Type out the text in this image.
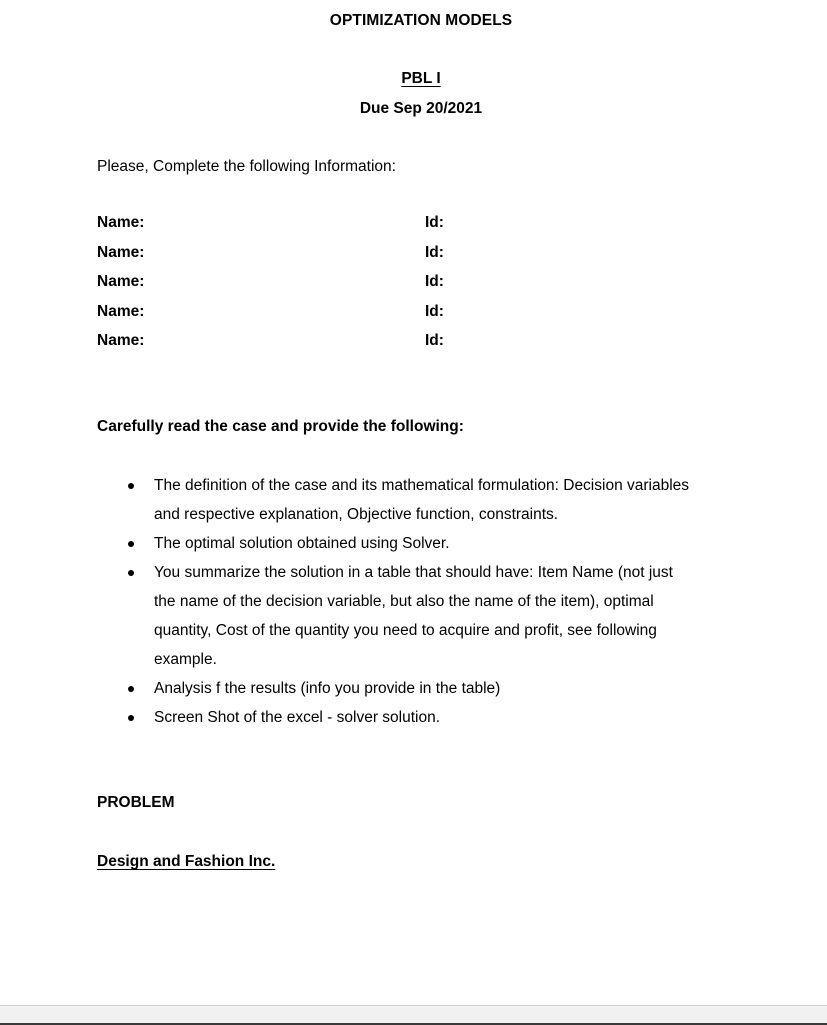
OPTIMIZATION MODELS
PBL I
Due Sep 20/2021
Please, Complete the following Information:
Name:	Id:
Name:	Id:
Name:	Id:
Name:	Id:
Name:	Id:
Carefully read the case and provide the following:
The definition of the case and its mathematical formulation: Decision variables
and respective explanation, Objective function, constraints.
The optimal solution obtained using Solver.
You summarize the solution in a table that should have: Item Name (not just
the name of the decision variable, but also the name of the item), optimal
quantity, Cost of the quantity you need to acquire and profit, see following
example.
Analysis f the results (info you provide in the table)
Screen Shot of the excel - solver solution.
PROBLEM
Design and Fashion Inc.
